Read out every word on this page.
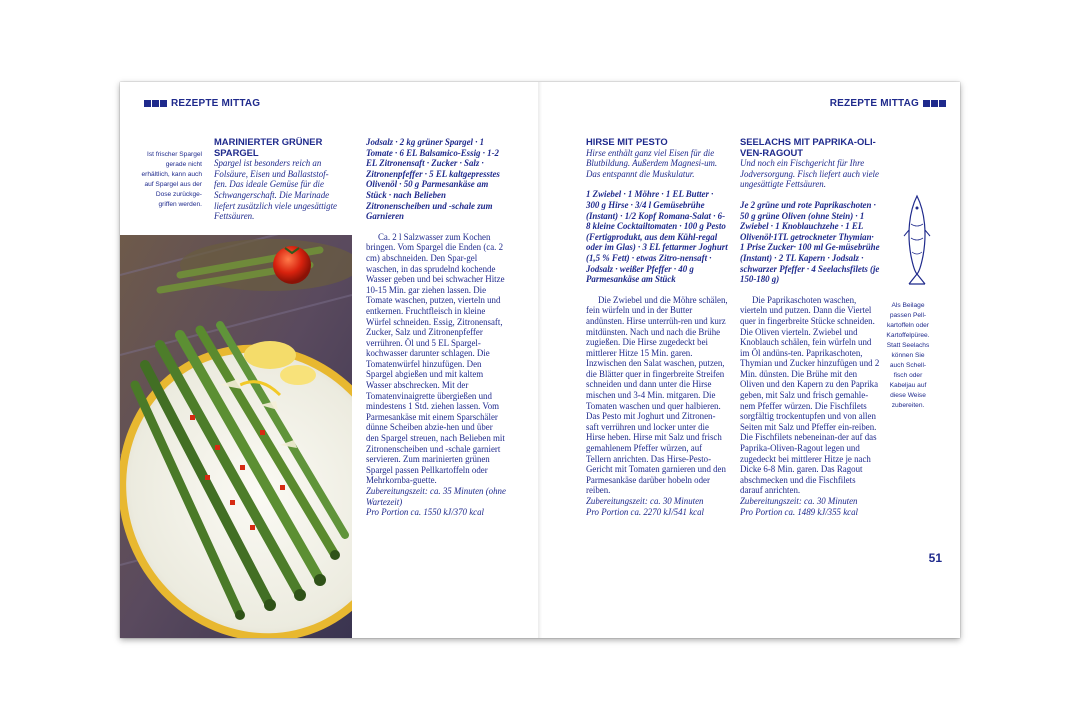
REZEPTE MITTAG	REZEPTE MITTAG
Ist frischer Spargel gerade nicht erhältlich, kann auch auf Spargel aus der Dose zurückge-griffen werden.
MARINIERTER GRÜNER SPARGEL
Spargel ist besonders reich an Folsäure, Eisen und Ballaststof-fen. Das ideale Gemüse für die Schwangerschaft. Die Marinade liefert zusätzlich viele ungesättigte Fettsäuren.
Jodsalz · 2 kg grüner Spargel · 1 Tomate · 6 EL Balsamico-Essig · 1-2 EL Zitronensaft · Zucker · Salz · Zitronenpfeffer · 5 EL kaltgepresstes Olivenöl · 50 g Parmesankäse am Stück · nach Belieben Zitronenscheiben und -schale zum Garnieren

Ca. 2 l Salzwasser zum Kochen bringen. Vom Spargel die Enden (ca. 2 cm) abschneiden. Den Spar-gel waschen, in das sprudelnd kochende Wasser geben und bei schwacher Hitze 10-15 Min. gar ziehen lassen. Die Tomate waschen, putzen, vierteln und entkernen. Fruchtfleisch in kleine Würfel schneiden. Essig, Zitronensaft, Zucker, Salz und Zitronenpfeffer verrühren. Öl und 5 EL Spargel-kochwasser darunter schlagen. Die Tomatenwürfel hinzufügen. Den Spargel abgießen und mit kaltem Wasser abschrecken. Mit der Tomatenvinaigrette übergießen und mindestens 1 Std. ziehen lassen. Vom Parmesankäse mit einem Sparschäler dünne Scheiben abzie-hen und über den Spargel streuen, nach Belieben mit Zitronenscheiben und -schale garniert servieren. Zum marinierten grünen Spargel passen Pellkartoffeln oder Mehrkornba-guette.

Zubereitungszeit: ca. 35 Minuten (ohne Wartezeit)
Pro Portion ca. 1550 kJ/370 kcal
HIRSE MIT PESTO
Hirse enthält ganz viel Eisen für die Blutbildung. Außerdem Magnesi-um. Das entspannt die Muskulatur.
1 Zwiebel · 1 Möhre · 1 EL Butter · 300 g Hirse · 3/4 l Gemüsebrühe (Instant) · 1/2 Kopf Romana-Salat · 6-8 kleine Cocktailtomaten · 100 g Pesto (Fertigprodukt, aus dem Kühl-regal oder im Glas) · 3 EL fettarmer Joghurt (1,5 % Fett) · etwas Zitro-nensaft · Jodsalz · weißer Pfeffer · 40 g Parmesankäse am Stück

Die Zwiebel und die Möhre schälen, fein würfeln und in der Butter andünsten. Hirse unterrüh-ren und kurz mitdünsten. Nach und nach die Brühe zugießen. Die Hirse zugedeckt bei mittlerer Hitze 15 Min. garen. Inzwischen den Salat waschen, putzen, die Blätter quer in fingerbreite Streifen schneiden und dann unter die Hirse mischen und 3-4 Min. mitgaren. Die Tomaten waschen und quer halbieren. Das Pesto mit Joghurt und Zitronen-saft verrühren und locker unter die Hirse heben. Hirse mit Salz und frisch gemahlenem Pfeffer würzen, auf Tellern anrichten. Das Hirse-Pesto-Gericht mit Tomaten garnieren und den Parmesankäse darüber hobeln oder reiben.

Zubereitungszeit: ca. 30 Minuten
Pro Portion ca. 2270 kJ/541 kcal
SEELACHS MIT PAPRIKA-OLI-VEN-RAGOUT
Und noch ein Fischgericht für Ihre Jodversorgung. Fisch liefert auch viele ungesättigte Fettsäuren.
Je 2 grüne und rote Paprikaschoten · 50 g grüne Oliven (ohne Stein) · 1 Zwiebel · 1 Knoblauchzehe · 1 EL Olivenöl·1TL getrockneter Thymian· 1 Prise Zucker· 100 ml Ge-müsebrühe (Instant) · 2 TL Kapern · Jodsalz · schwarzer Pfeffer · 4 Seelachsfilets (je 150-180 g)

Die Paprikaschoten waschen, vierteln und putzen. Dann die Viertel quer in fingerbreite Stücke schneiden. Die Oliven vierteln. Zwiebel und Knoblauch schälen, fein würfeln und im Öl andüns-ten. Paprikaschoten, Thymian und Zucker hinzufügen und 2 Min. dünsten. Die Brühe mit den Oliven und den Kapern zu den Paprika geben, mit Salz und frisch gemahle-nem Pfeffer würzen. Die Fischfilets sorgfältig trockentupfen und von allen Seiten mit Salz und Pfeffer ein-reiben. Die Fischfilets nebeneinan-der auf das Paprika-Oliven-Ragout legen und zugedeckt bei mittlerer Hitze je nach Dicke 6-8 Min. garen. Das Ragout abschmecken und die Fischfilets darauf anrichten.

Zubereitungszeit: ca. 30 Minuten
Pro Portion ca. 1489 kJ/355 kcal
Als Beilage passen Pell-kartoffeln oder Kartoffelpüree. Statt Seelachs können Sie auch Schell-fisch oder Kabeljau auf diese Weise zubereiten.
51
